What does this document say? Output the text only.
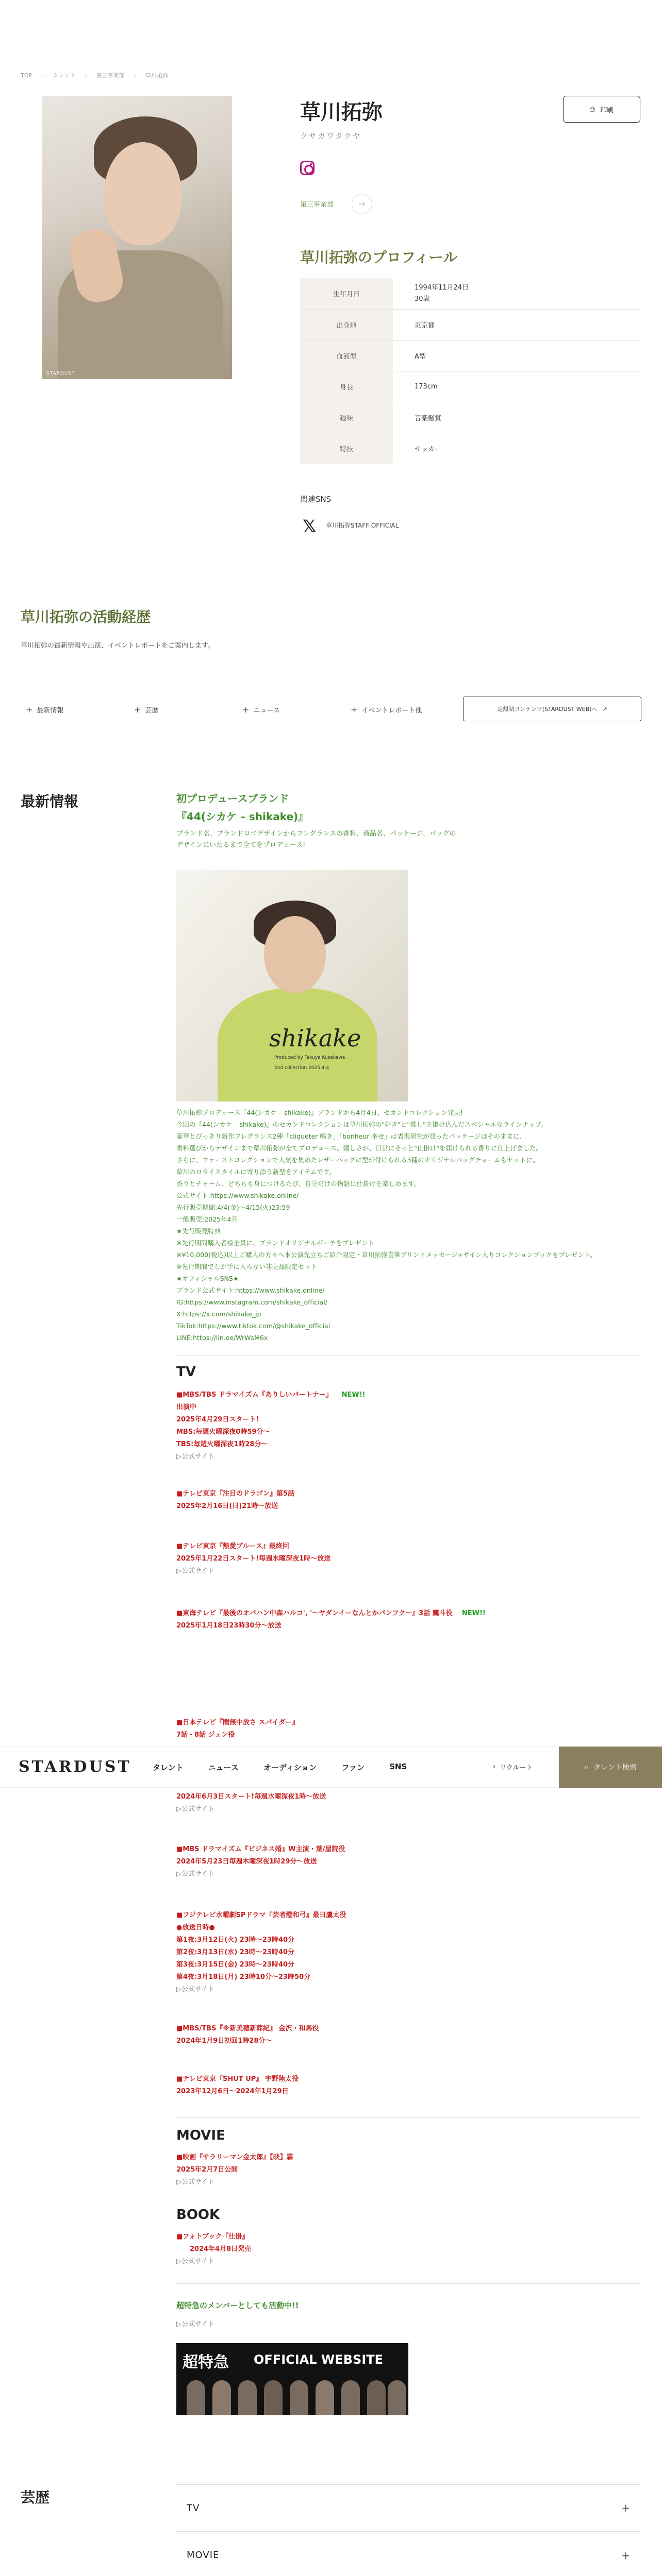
TOP › タレント › 第三事業部 › 草川拓弥
STARDUST
草川拓弥
クサカワタクヤ
第三事業部	→
⎙ 印刷
草川拓弥のプロフィール
生年月日	1994年11月24日
30歳
出身地	東京都
血液型	A型
身長	173cm
趣味	音楽鑑賞
特技	サッカー
関連SNS
𝕏	草川拓弥STAFF OFFICIAL
草川拓弥の活動経歴

草川拓弥の最新情報や出演、イベントレポートをご案内します。

+ 最新情報	+ 芸歴	+ ニュース	+ イベントレポート他	定額制コンテンツ(STARDUST WEB)へ ↗
最新情報	初プロデュースブランド
『44(シカケ – shikake)』
ブランド名、ブランドロゴデザインからフレグランスの香料、商品名、パッケージ、バッグの
デザインにいたるまで全てをプロデュース!
shikake
Produced by Takuya Kusakawa
2nd collection 2025.4.4
草川拓弥プロデュース『44(シカケ – shikake)』ブランドから4月4日、セカンドコレクション発売!
今回の『44(シカケ – shikake)』のセカンドコレクションは草川拓弥の"好き"と"推し"を掛け込んだスペシャルなラインナップ。
豪華とびっきり新作フレグランス2種「cliqueter 鳴き」「bonheur 幸せ」は表現研究が見ったパッケージはそのままに、
香料選びからデザインまで草川拓弥が全てプロデュース。嬉しさが、日常にそっと"仕掛け"を届けられる香りに仕上げました。
さらに、ファーストコレクションで人気を集めたレザーバッグに型が付けられる3種のオリジナルバッグチャームもセットに。
草川のロライスタイルに寄り添う新型をアイテムです。
香りとチャーム、どちらも身につけるたび、自分だけの物語に仕掛けを楽しめます。
公式サイト:https://www.shikake.online/
先行販売期間:4/4(金)〜4/15(火)23:59
一般販売:2025年4月
★先行販売特典
※先行期間購入者様全員に、ブランドオリジナルポーチをプレゼント
※¥10,000(税込)以上ご購入の方々へ本公演先立ちご紹介限定・草川拓弥直筆プリントメッセージ+サイン入りコレクションブックをプレゼント。
※先行期間でしか手に入らない非売品限定セット
★オフィシャルSNS★
ブランド公式サイト:https://www.shikake.online/
IG:https://www.instagram.com/shikake_official/
X:https://x.com/shikake_jp
TikTok:https://www.tiktok.com/@shikake_official
LINE:https://lin.ee/WrWsM6x
TV
■MBS/TBS ドラマイズム『ありしいパートナー』 NEW!!
出演中
2025年4月29日スタート!
MBS:毎週火曜深夜0時59分〜
TBS:毎週火曜深夜1時28分〜
▷公式サイト
■テレビ東京『注目のドラゴン』第5話
2025年2月16日(日)21時〜放送
■テレビ東京『熱愛ブルース』最終回
2025年1月22日スタート!毎週水曜深夜1時〜放送
▷公式サイト
■東海テレビ『最後のオバハン中森ハルコ', '〜ヤダンイーなんとかパンフク〜』3話 鷹斗役 NEW!!
2025年1月18日23時30分〜放送
■日本テレビ『闇無中放さ スパイダー』
7話・8話 ジュン役
STARDUST	タレント	ニュース	オーディション	ファン	SNS	› リクルート	⌕ タレント検索
2024年6月3日スタート!毎週水曜深夜1時〜放送
▷公式サイト
■MBS ドラマイズム『ビジネス婚』W主演・葉/屋院役
2024年5月23日毎週木曜深夜1時29分〜放送
▷公式サイト
■フジテレビ水曜劇SPドラマ『芸者燈和弓』最日鷹太役
●放送日時●
第1夜:3月12日(火) 23時〜23時40分
第2夜:3月13日(水) 23時〜23時40分
第3夜:3月15日(金) 23時〜23時40分
第4夜:3月18日(月) 23時10分〜23時50分
▷公式サイト
■MBS/TBS『※新美穂新葬紀』 金沢・和馬役
2024年1月9日初回1時28分〜
■テレビ東京『SHUT UP』 宇野陸太役
2023年12月6日〜2024年1月29日
MOVIE
■映画『サラリーマン金太郎』【映】篇
2025年2月7日公開
▷公式サイト
BOOK
■フォトブック『仕掛』
2024年4月8日発売
▷公式サイト
超特急のメンバーとしても活動中!!
▷公式サイト
超特急 OFFICIAL WEBSITE
芸歴
TV	+
MOVIE	+
